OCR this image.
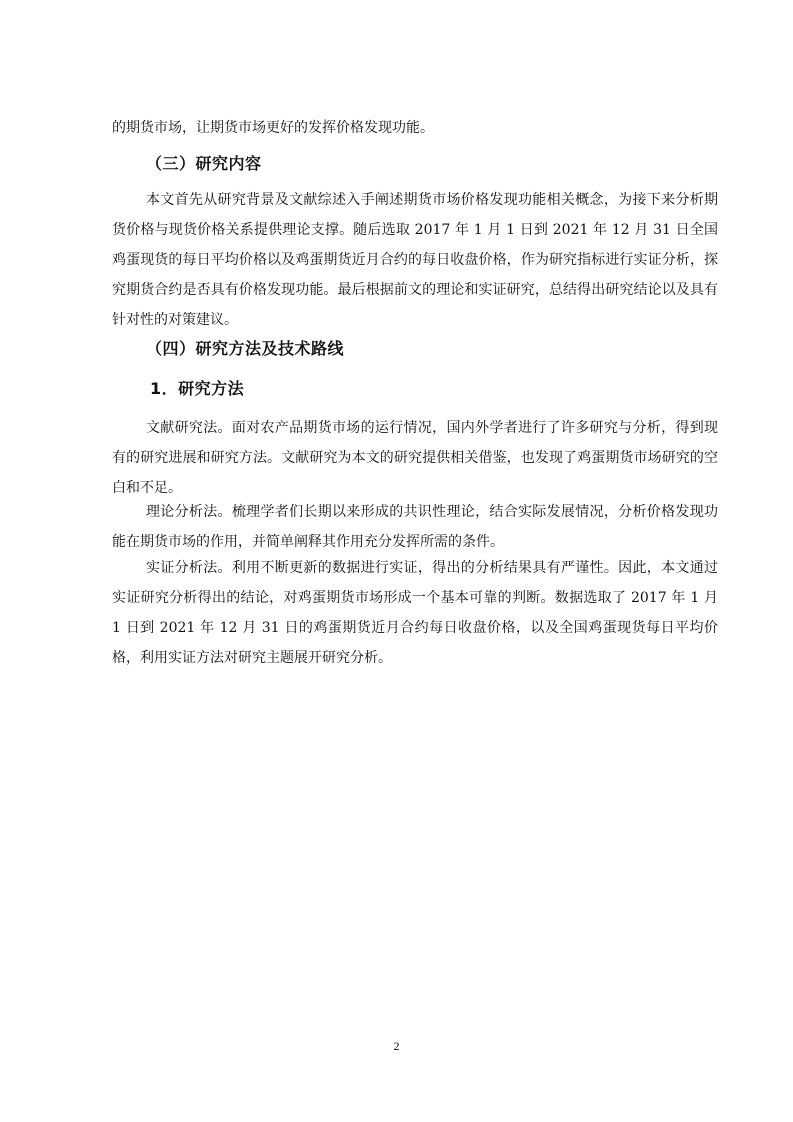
的期货市场，让期货市场更好的发挥价格发现功能。

（三）研究内容

本文首先从研究背景及文献综述入手阐述期货市场价格发现功能相关概念，为接下来分析期货价格与现货价格关系提供理论支撑。随后选取 2017 年 1 月 1 日到 2021 年 12 月 31 日全国鸡蛋现货的每日平均价格以及鸡蛋期货近月合约的每日收盘价格，作为研究指标进行实证分析，探究期货合约是否具有价格发现功能。最后根据前文的理论和实证研究，总结得出研究结论以及具有针对性的对策建议。

（四）研究方法及技术路线
1．研究方法

文献研究法。面对农产品期货市场的运行情况，国内外学者进行了许多研究与分析，得到现有的研究进展和研究方法。文献研究为本文的研究提供相关借鉴，也发现了鸡蛋期货市场研究的空白和不足。

理论分析法。梳理学者们长期以来形成的共识性理论，结合实际发展情况，分析价格发现功能在期货市场的作用，并简单阐释其作用充分发挥所需的条件。

实证分析法。利用不断更新的数据进行实证，得出的分析结果具有严谨性。因此，本文通过实证研究分析得出的结论，对鸡蛋期货市场形成一个基本可靠的判断。数据选取了 2017 年 1 月 1 日到 2021 年 12 月 31 日的鸡蛋期货近月合约每日收盘价格，以及全国鸡蛋现货每日平均价格，利用实证方法对研究主题展开研究分析。

2
